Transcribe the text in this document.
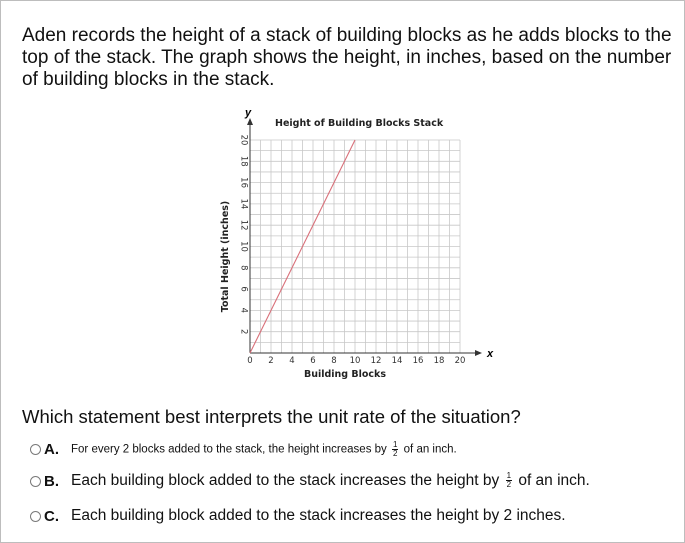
Aden records the height of a stack of building blocks as he adds blocks to the top of the stack. The graph shows the height, in inches, based on the number of building blocks in the stack.

x
y
0 2 4 6 8 10 12 14 16 18 20
2
4
6
8
10
12
14
16
18
20
Height of Building Blocks Stack
Building Blocks
Total Height (inches)

Which statement best interprets the unit rate of the situation?

A. For every 2 blocks added to the stack, the height increases by $\frac{1}{2}$ of an inch.
B. Each building block added to the stack increases the height by $\frac{1}{2}$ of an inch.
C. Each building block added to the stack increases the height by 2 inches.
